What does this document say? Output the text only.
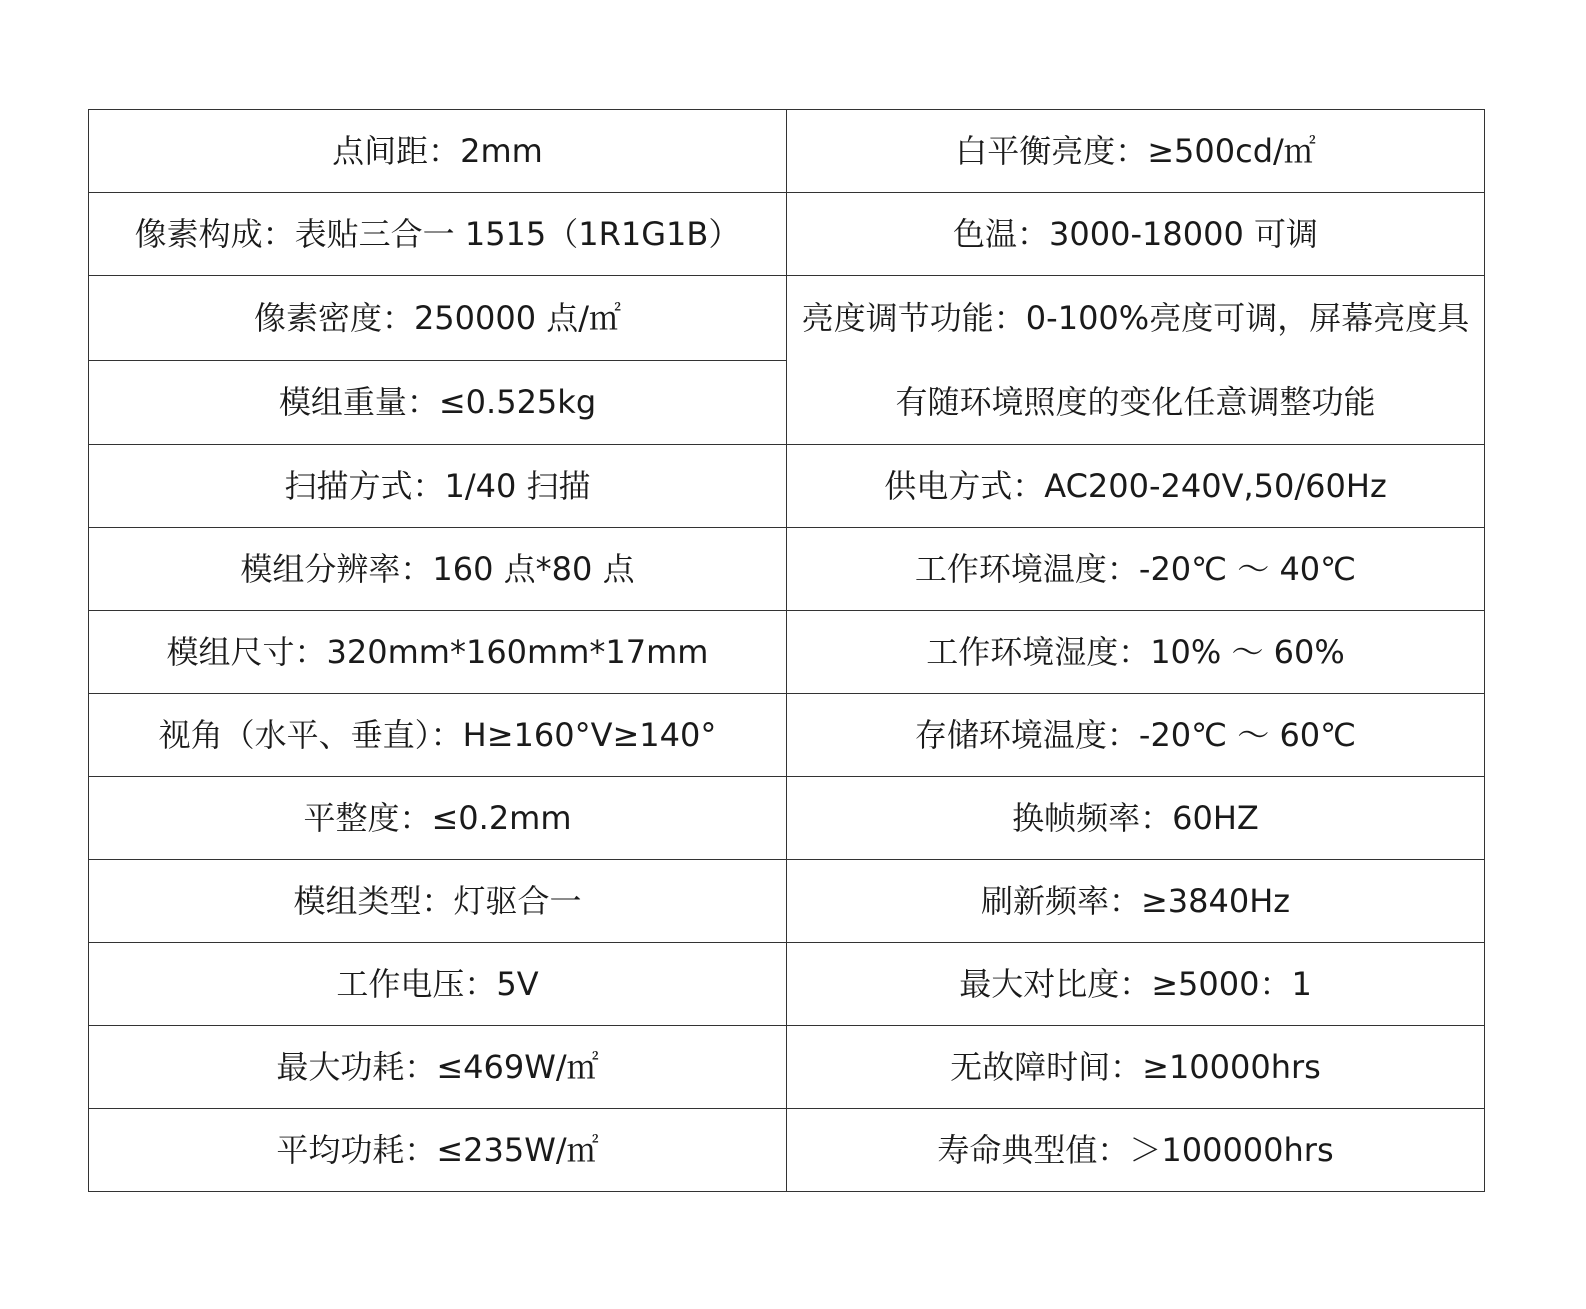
点间距：2mm	白平衡亮度：≥500cd/㎡
像素构成：表贴三合一 1515（1R1G1B）	色温：3000-18000 可调
像素密度：250000 点/㎡	亮度调节功能：0-100%亮度可调，屏幕亮度具
有随环境照度的变化任意调整功能

模组重量：≤0.525kg	
扫描方式：1/40 扫描	供电方式：AC200-240V,50/60Hz
模组分辨率：160 点*80 点	工作环境温度：-20℃ ～ 40℃
模组尺寸：320mm*160mm*17mm	工作环境湿度：10% ～ 60%
视角（水平、垂直）：H≥160°V≥140°	存储环境温度：-20℃ ～ 60℃
平整度：≤0.2mm	换帧频率：60HZ
模组类型：灯驱合一	刷新频率：≥3840Hz
工作电压：5V	最大对比度：≥5000：1
最大功耗：≤469W/㎡	无故障时间：≥10000hrs
平均功耗：≤235W/㎡	寿命典型值：＞100000hrs
